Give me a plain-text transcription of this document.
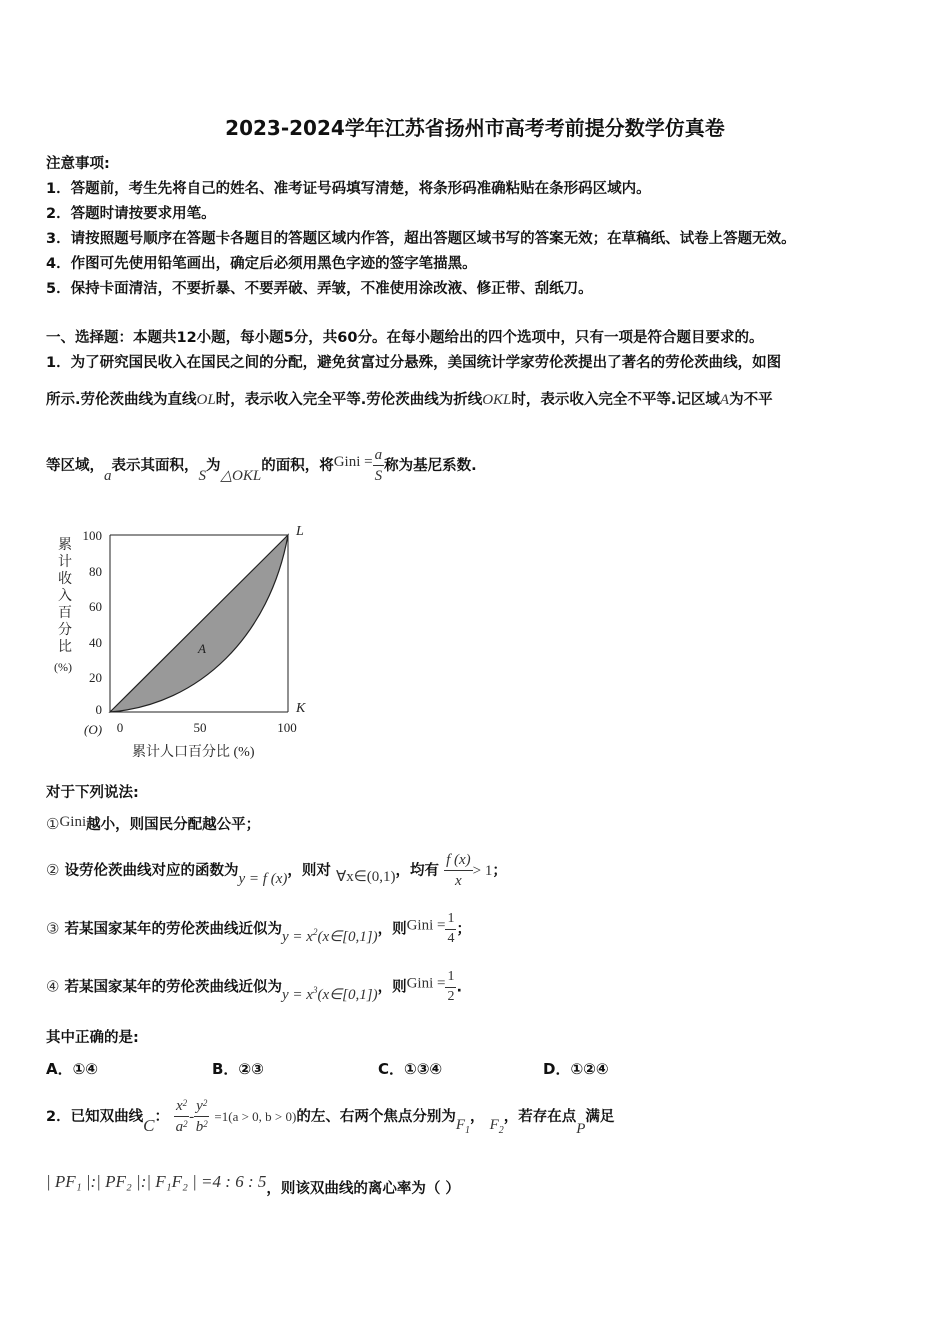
2023-2024学年江苏省扬州市高考考前提分数学仿真卷
注意事项:
1．答题前，考生先将自己的姓名、准考证号码填写清楚，将条形码准确粘贴在条形码区域内。
2．答题时请按要求用笔。
3．请按照题号顺序在答题卡各题目的答题区域内作答，超出答题区域书写的答案无效；在草稿纸、试卷上答题无效。
4．作图可先使用铅笔画出，确定后必须用黑色字迹的签字笔描黑。
5．保持卡面清洁，不要折暴、不要弄破、弄皱，不准使用涂改液、修正带、刮纸刀。
一、选择题：本题共12小题，每小题5分，共60分。在每小题给出的四个选项中，只有一项是符合题目要求的。
1．为了研究国民收入在国民之间的分配，避免贫富过分悬殊，美国统计学家劳伦茨提出了著名的劳伦茨曲线，如图
所示.劳伦茨曲线为直线OL时，表示收入完全平等.劳伦茨曲线为折线OKL时，表示收入完全不平等.记区域A为不平
等区域，a表示其面积，S为△OKL的面积，将Gini = $\frac{a}{S}$ 称为基尼系数.
累
计
收
入
百
分
比
(%)
100
80
60
40
20
0
0	50	100
(O)
L
K
A
累计人口百分比 (%)
对于下列说法:
①Gini越小，则国民分配越公平；
② 设劳伦茨曲线对应的函数为y = f (x)，则对 ∀x∈(0,1)，均有 $\frac{f (x)}{x} > 1$；
③ 若某国家某年的劳伦茨曲线近似为$y = x^2(x\in[0,1])$，则Gini = $\frac{1}{4}$ ；
④ 若某国家某年的劳伦茨曲线近似为$y = x^3(x\in[0,1])$，则Gini = $\frac{1}{2}$ .
其中正确的是:
A．①④	B．②③	C．①③④	D．①②④
2．已知双曲线C： $\frac{x^2}{a^2} - \frac{y^2}{b^2} =1(a > 0$, b > 0)的左、右两个焦点分别为$F_1$， $F_2$，若存在点P满足
| PF₁ |:| PF₂ |:| F₁F₂ | =4 : 6 : 5，则该双曲线的离心率为（ ）
